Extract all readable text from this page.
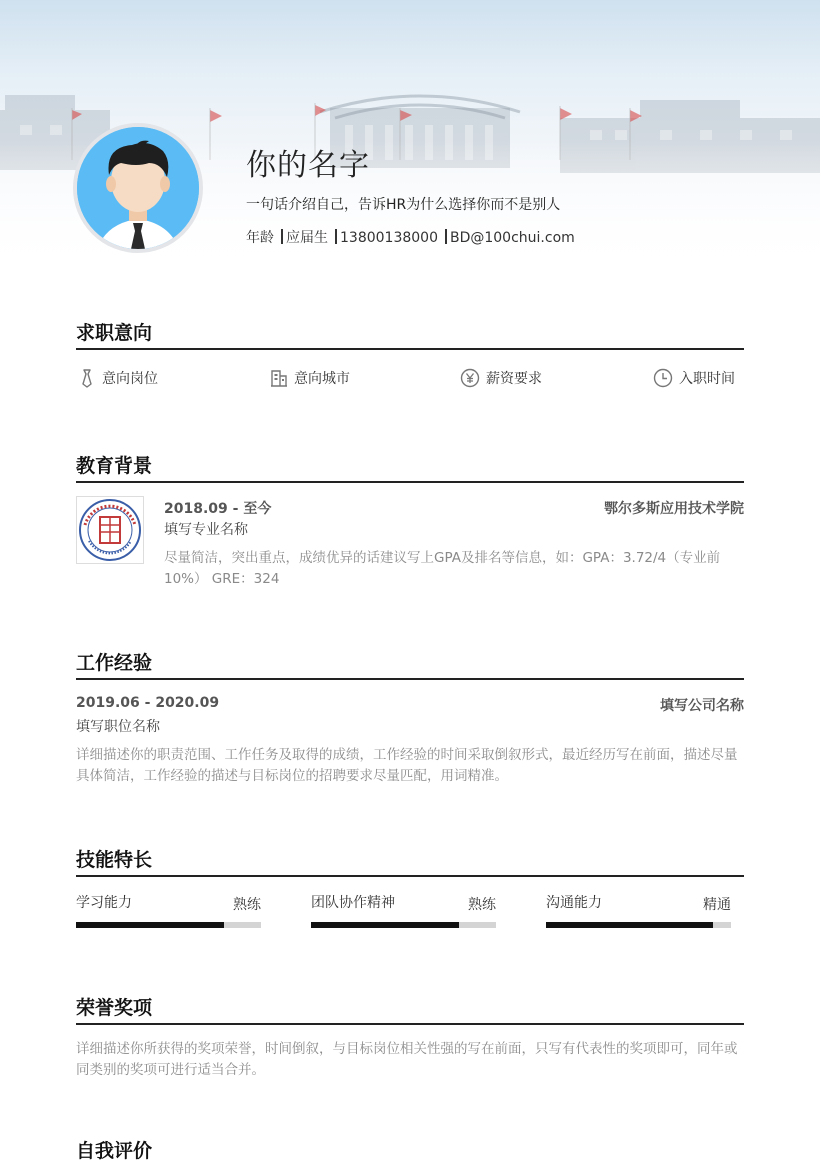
你的名字
一句话介绍自己，告诉HR为什么选择你而不是别人
年龄 应届生 13800138000 BD@100chui.com
求职意向
意向岗位	意向城市	薪资要求	入职时间
教育背景
2018.09 - 至今	鄂尔多斯应用技术学院
填写专业名称
尽量简洁，突出重点，成绩优异的话建议写上GPA及排名等信息，如：GPA：3.72/4（专业前10%） GRE：324
工作经验
2019.06 - 2020.09	填写公司名称
填写职位名称
详细描述你的职责范围、工作任务及取得的成绩，工作经验的时间采取倒叙形式，最近经历写在前面，描述尽量具体简洁，工作经验的描述与目标岗位的招聘要求尽量匹配，用词精准。
技能特长
学习能力	熟练	团队协作精神	熟练	沟通能力	精通
荣誉奖项
详细描述你所获得的奖项荣誉，时间倒叙，与目标岗位相关性强的写在前面，只写有代表性的奖项即可，同年或同类别的奖项可进行适当合并。
自我评价
